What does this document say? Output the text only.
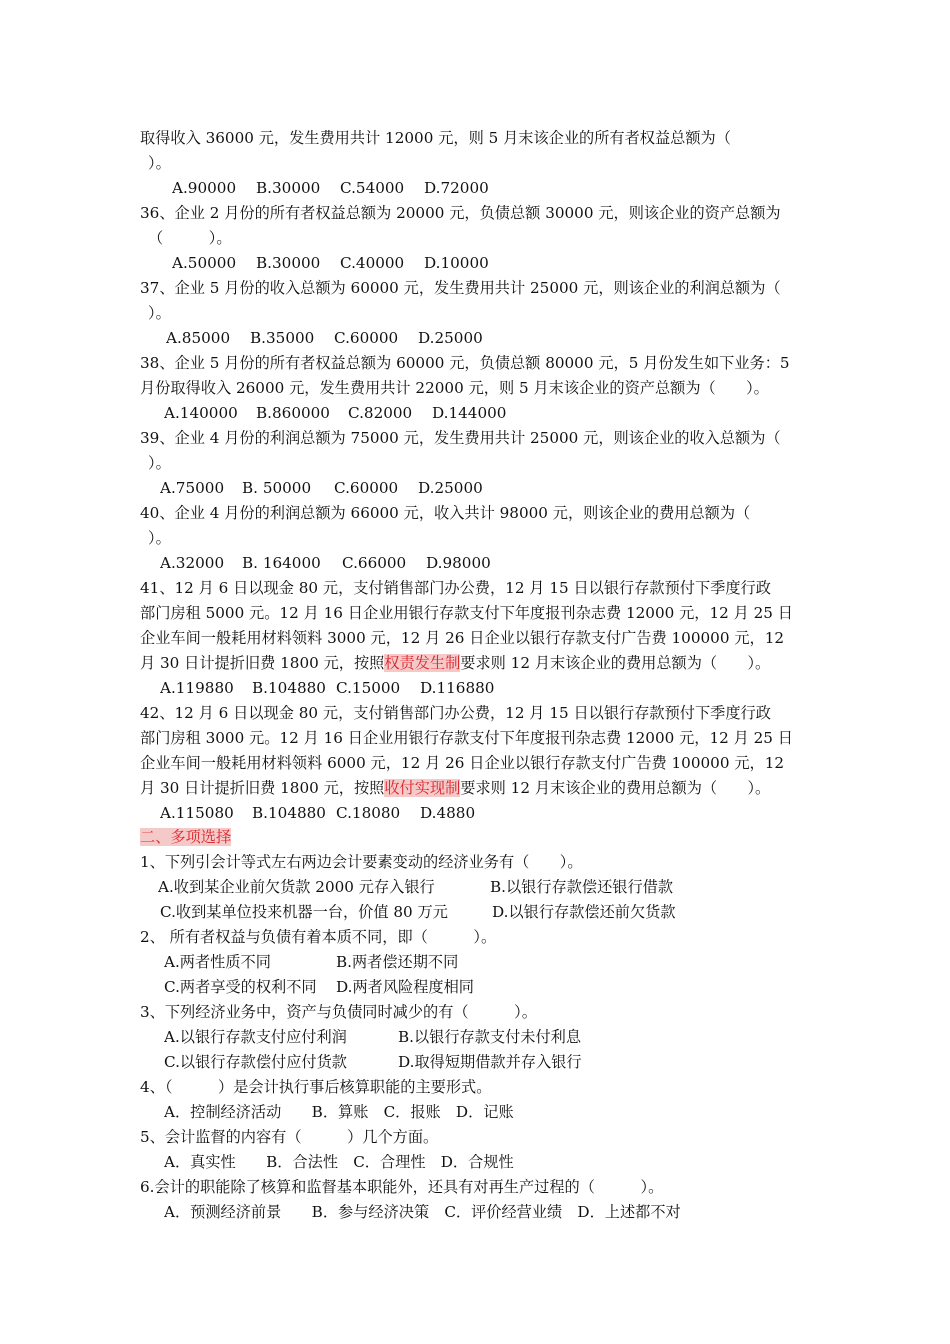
取得收入 36000 元，发生费用共计 12000 元，则 5 月末该企业的所有者权益总额为（
）。
A.90000 B.30000 C.54000 D.72000
36、企业 2 月份的所有者权益总额为 20000 元，负债总额 30000 元，则该企业的资产总额为
（　　　）。
A.50000 B.30000 C.40000 D.10000
37、企业 5 月份的收入总额为 60000 元，发生费用共计 25000 元，则该企业的利润总额为（
）。
A.85000 B.35000 C.60000 D.25000
38、企业 5 月份的所有者权益总额为 60000 元，负债总额 80000 元，5 月份发生如下业务：5
月份取得收入 26000 元，发生费用共计 22000 元，则 5 月末该企业的资产总额为（　　）。
A.140000 B.860000 C.82000 D.144000
39、企业 4 月份的利润总额为 75000 元，发生费用共计 25000 元，则该企业的收入总额为（
）。
A.75000 B. 50000 C.60000 D.25000
40、企业 4 月份的利润总额为 66000 元，收入共计 98000 元，则该企业的费用总额为（
）。
A.32000 B. 164000 C.66000 D.98000
41、12 月 6 日以现金 80 元，支付销售部门办公费，12 月 15 日以银行存款预付下季度行政
部门房租 5000 元。12 月 16 日企业用银行存款支付下年度报刊杂志费 12000 元，12 月 25 日
企业车间一般耗用材料领料 3000 元，12 月 26 日企业以银行存款支付广告费 100000 元，12
月 30 日计提折旧费 1800 元，按照权责发生制要求则 12 月末该企业的费用总额为（　　）。
A.119880 B.104880 C.15000 D.116880
42、12 月 6 日以现金 80 元，支付销售部门办公费，12 月 15 日以银行存款预付下季度行政
部门房租 3000 元。12 月 16 日企业用银行存款支付下年度报刊杂志费 12000 元，12 月 25 日
企业车间一般耗用材料领料 6000 元，12 月 26 日企业以银行存款支付广告费 100000 元，12
月 30 日计提折旧费 1800 元，按照收付实现制要求则 12 月末该企业的费用总额为（　　）。
A.115080 B.104880 C.18080 D.4880
二、多项选择
1、下列引会计等式左右两边会计要素变动的经济业务有（　　）。
A.收到某企业前欠货款 2000 元存入银行	B.以银行存款偿还银行借款
C.收到某单位投来机器一台，价值 80 万元	D.以银行存款偿还前欠货款
2、 所有者权益与负债有着本质不同，即（　　　）。
A.两者性质不同	B.两者偿还期不同
C.两者享受的权利不同 D.两者风险程度相同
3、下列经济业务中，资产与负债同时减少的有（　　　）。
A.以银行存款支付应付利润	B.以银行存款支付未付利息
C.以银行存款偿付应付货款	D.取得短期借款并存入银行
4、（　　　）是会计执行事后核算职能的主要形式。
A．控制经济活动　　B．算账　C．报账　D．记账
5、会计监督的内容有（　　　）几个方面。
A．真实性　　B．合法性　C．合理性　D．合规性
6.会计的职能除了核算和监督基本职能外，还具有对再生产过程的（　　　）。
A．预测经济前景　　B．参与经济决策　C．评价经营业绩　D．上述都不对
